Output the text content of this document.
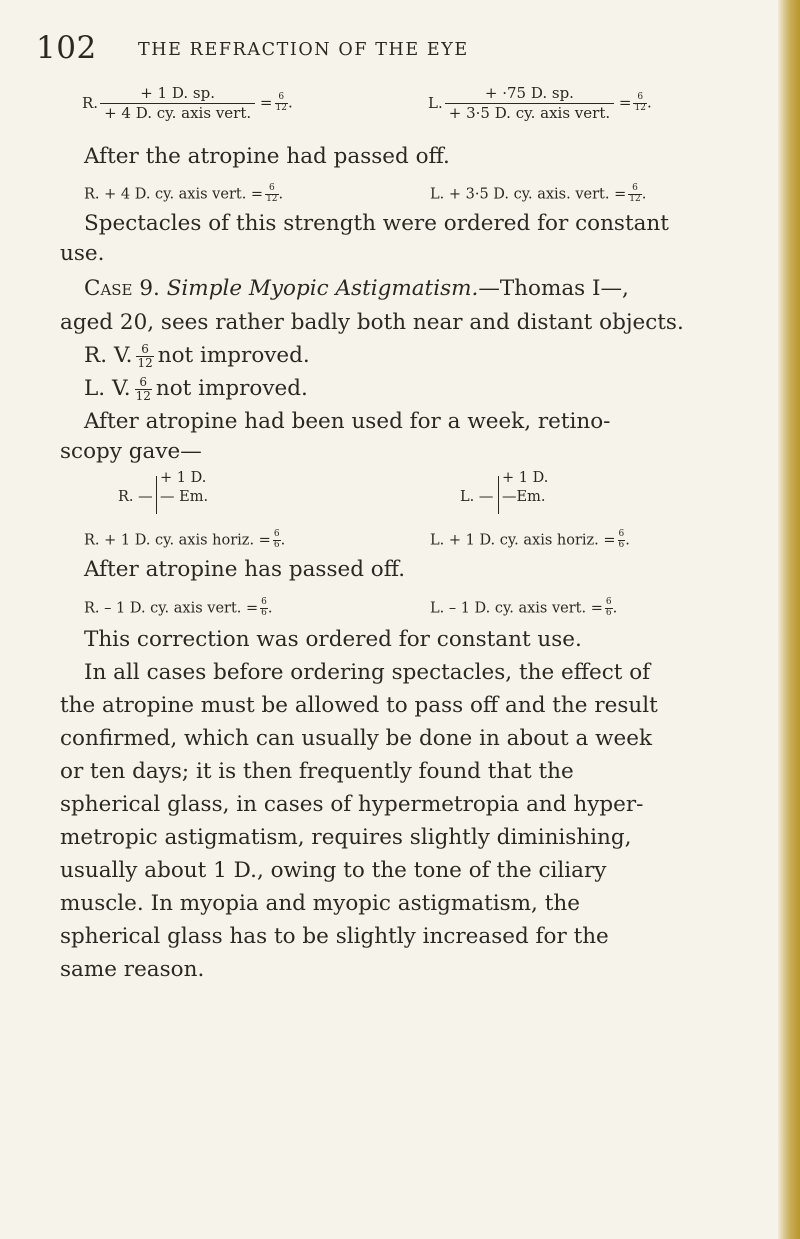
102 THE REFRACTION OF THE EYE
R. $\frac{+ 1 D. sp.}{\text{+ 4 D. cy. axis vert.}} = \frac{6}{12}$ .	L. $\frac{+ \cdot 75 D. sp.}{\text{+ 3·5 D. cy. axis vert.}} = \frac{6}{12}$ .
After the atropine had passed off.
R. + 4 D. cy. axis vert. = $\frac{6}{12}$ .	L. + 3·5 D. cy. axis. vert. = $\frac{6}{12}$ .
Spectacles of this strength were ordered for constant
use.
Case 9. Simple Myopic Astigmatism.—Thomas I—,
aged 20, sees rather badly both near and distant objects.
R. V. $\frac{6}{12}$ not improved.
L. V. $\frac{6}{12}$ not improved.
After atropine had been used for a week, retino-
scopy gave—
R. —
+ 1 D.
— Em.	L. —
+ 1 D.
—Em.
R. + 1 D. cy. axis horiz. = $\frac{6}{6}$ .	L. + 1 D. cy. axis horiz. = $\frac{6}{6}$ .
After atropine has passed off.
R. – 1 D. cy. axis vert. = $\frac{6}{6}$ .	L. – 1 D. cy. axis vert. = $\frac{6}{6}$ .
This correction was ordered for constant use.
In all cases before ordering spectacles, the effect of
the atropine must be allowed to pass off and the result
confirmed, which can usually be done in about a week
or ten days; it is then frequently found that the
spherical glass, in cases of hypermetropia and hyper-
metropic astigmatism, requires slightly diminishing,
usually about 1 D., owing to the tone of the ciliary
muscle. In myopia and myopic astigmatism, the
spherical glass has to be slightly increased for the
same reason.
